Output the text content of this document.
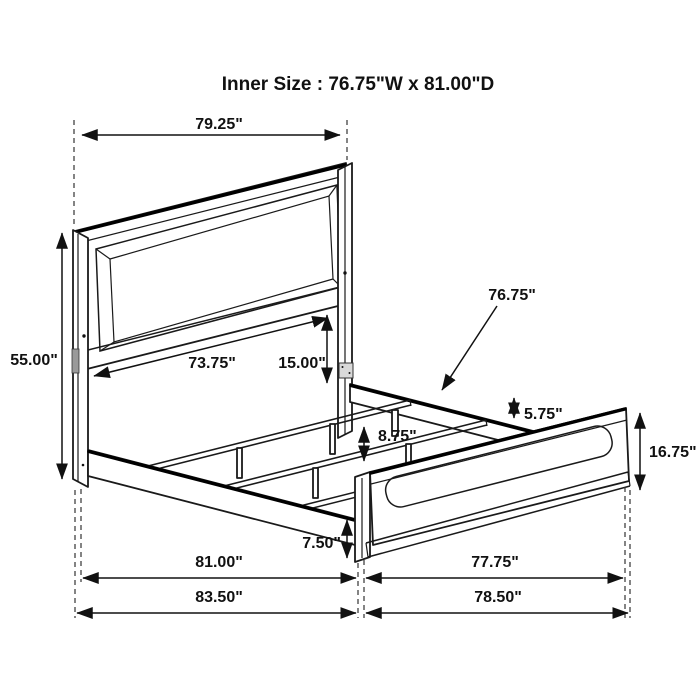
Inner Size : 76.75"W x 81.00"D
79.25"
55.00"	73.75"	15.00"
76.75"
5.75"
8.75"
16.75"
7.50"
81.00"	77.75"
83.50"	78.50"
